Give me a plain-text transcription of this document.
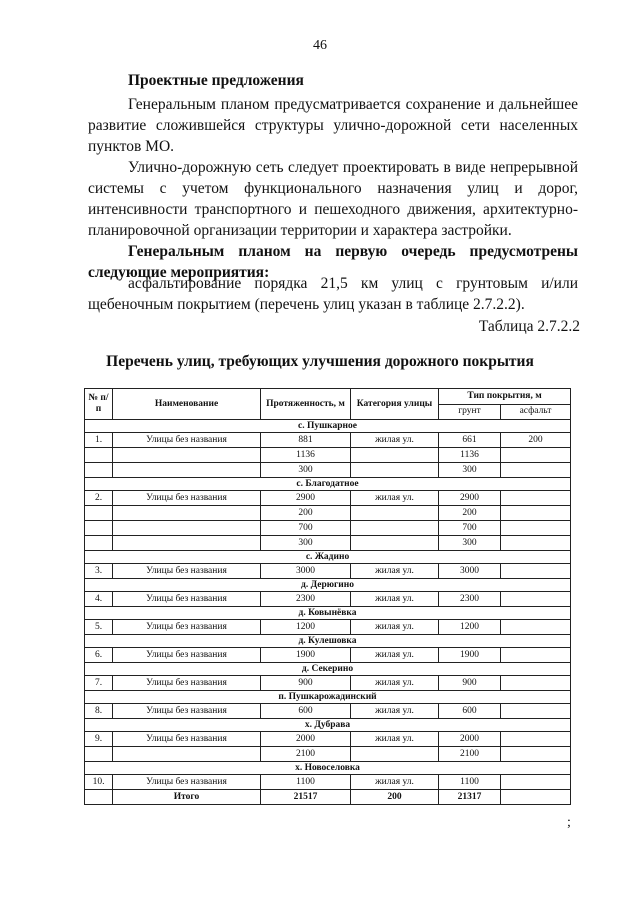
46
Проектные предложения

Генеральным планом предусматривается сохранение и дальнейшее развитие сложившейся структуры улично-дорожной сети населенных пунктов МО.

Улично-дорожную сеть следует проектировать в виде непрерывной системы с учетом функционального назначения улиц и дорог, интенсивности транспортного и пешеходного движения, архитектурно-планировочной организации территории и характера застройки.

Генеральным планом на первую очередь предусмотрены следующие мероприятия:

асфальтирование порядка 21,5 км улиц с грунтовым и/или щебеночным покрытием (перечень улиц указан в таблице 2.7.2.2).

Таблица 2.7.2.2
Перечень улиц, требующих улучшения дорожного покрытия
№ п/п	Наименование	Протяженность, м	Категория улицы	Тип покрытия, м	
				грунт	асфальт
с. Пушкарное					
1.	Улицы без названия	881	жилая ул.	661	200
		1136		1136	
		300		300	
с. Благодатное					
2.	Улицы без названия	2900	жилая ул.	2900	
		200		200	
		700		700	
		300		300	
с. Жадино					
3.	Улицы без названия	3000	жилая ул.	3000	
д. Дерюгино					
4.	Улицы без названия	2300	жилая ул.	2300	
д. Ковынёвка					
5.	Улицы без названия	1200	жилая ул.	1200	
д. Кулешовка					
6.	Улицы без названия	1900	жилая ул.	1900	
д. Секерино					
7.	Улицы без названия	900	жилая ул.	900	
п. Пушкарожадинский					
8.	Улицы без названия	600	жилая ул.	600	
х. Дубрава					
9.	Улицы без названия	2000	жилая ул.	2000	
		2100		2100	
х. Новоселовка					
10.	Улицы без названия	1100	жилая ул.	1100	
	Итого	21517	200	21317	
;
